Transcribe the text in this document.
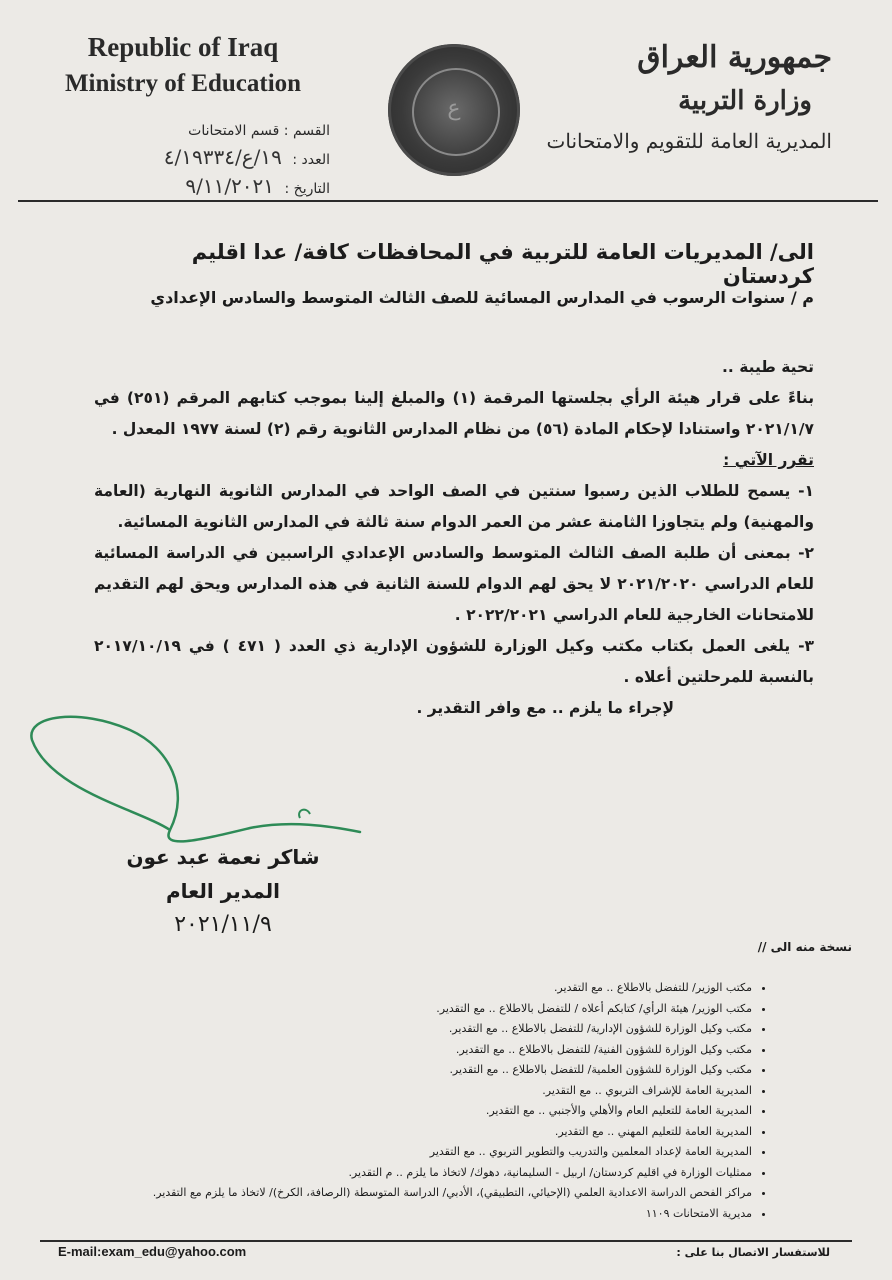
Republic of Iraq
Ministry of Education
القسم : قسم الامتحانات
العدد : ١٩/ع/٤/١٩٣٣٤
التاريخ : ٩/١١/٢٠٢١
ع
جمهورية العراق
وزارة التربية
المديرية العامة للتقويم والامتحانات
الى/ المديريات العامة للتربية في المحافظات كافة/ عدا اقليم كردستان
م / سنوات الرسوب في المدارس المسائية للصف الثالث المتوسط والسادس الإعدادي

تحية طيبة ..

بناءً على قرار هيئة الرأي بجلستها المرقمة (١) والمبلغ إلينا بموجب كتابهم المرقم (٢٥١) في ٢٠٢١/١/٧ واستنادا لإحكام المادة (٥٦) من نظام المدارس الثانوية رقم (٢) لسنة ١٩٧٧ المعدل .

تقرر الآتي :

١- يسمح للطلاب الذين رسبوا سنتين في الصف الواحد في المدارس الثانوية النهارية (العامة والمهنية) ولم يتجاوزا الثامنة عشر من العمر الدوام سنة ثالثة في المدارس الثانوية المسائية.

٢- بمعنى أن طلبة الصف الثالث المتوسط والسادس الإعدادي الراسبين في الدراسة المسائية للعام الدراسي ٢٠٢١/٢٠٢٠ لا يحق لهم الدوام للسنة الثانية في هذه المدارس ويحق لهم التقديم للامتحانات الخارجية للعام الدراسي ٢٠٢٢/٢٠٢١ .

٣- يلغى العمل بكتاب مكتب وكيل الوزارة للشؤون الإدارية ذي العدد ( ٤٧١ ) في ٢٠١٧/١٠/١٩ بالنسبة للمرحلتين أعلاه .

لإجراء ما يلزم .. مع وافر التقدير .

شاكر نعمة عبد عون
المدير العام
٢٠٢١/١١/٩
نسخة منه الى //
• مكتب الوزير/ للتفضل بالاطلاع .. مع التقدير.
• مكتب الوزير/ هيئة الرأي/ كتابكم أعلاه / للتفضل بالاطلاع .. مع التقدير.
• مكتب وكيل الوزارة للشؤون الإدارية/ للتفضل بالاطلاع .. مع التقدير.
• مكتب وكيل الوزارة للشؤون الفنية/ للتفضل بالاطلاع .. مع التقدير.
• مكتب وكيل الوزارة للشؤون العلمية/ للتفضل بالاطلاع .. مع التقدير.
• المديرية العامة للإشراف التربوي .. مع التقدير.
• المديرية العامة للتعليم العام والأهلي والأجنبي .. مع التقدير.
• المديرية العامة للتعليم المهني .. مع التقدير.
• المديرية العامة لإعداد المعلمين والتدريب والتطوير التربوي .. مع التقدير
• ممثليات الوزارة في اقليم كردستان/ اربيل - السليمانية، دهوك/ لاتخاذ ما يلزم .. م التقدير.
• مراكز الفحص الدراسة الاعدادية العلمي (الإحيائي، التطبيقي)، الأدبي/ الدراسة المتوسطة (الرصافة، الكرخ)/ لاتخاذ ما يلزم مع التقدير.
• مديرية الامتحانات ١١٠٩
E-mail:exam_edu@yahoo.com	للاستفسار الاتصال بنا على :
